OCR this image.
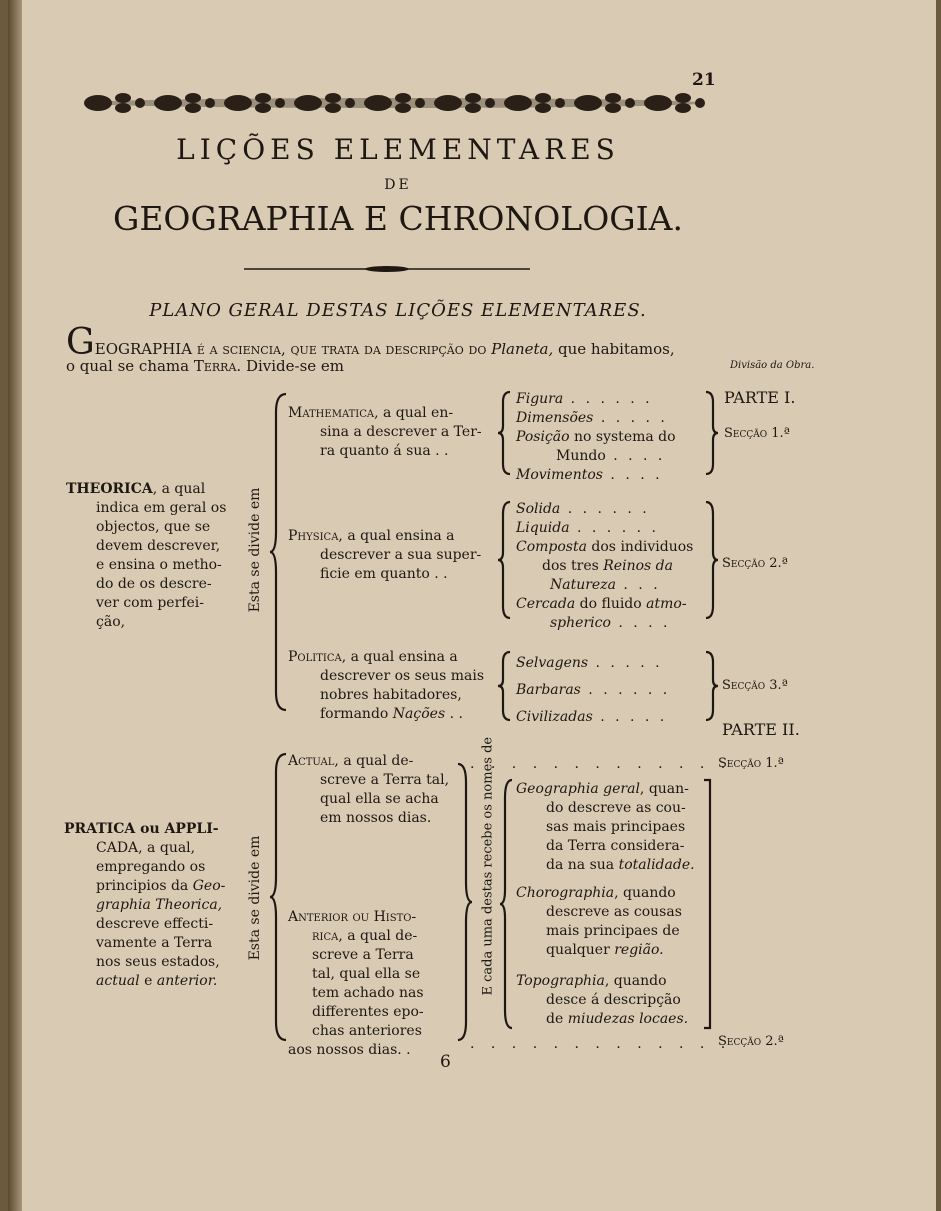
21
LIÇÕES ELEMENTARES
DE
GEOGRAPHIA E CHRONOLOGIA.
PLANO GERAL DESTAS LIÇÕES ELEMENTARES.
GEOGRAPHIA é a sciencia, que trata da descripção do Planeta, que habitamos,
o qual se chama Terra. Divide-se em	Divisão da Obra.
THEORICA, a qual
indica em geral os
objectos, que se
devem descrever,
e ensina o metho-
do de os descre-
ver com perfei-
ção,
Esta se divide em
Mathematica, a qual en-
sina a descrever a Ter-
ra quanto á sua . .
Figura . . . . . .
Dimensões . . . . .
Posição no systema do
Mundo . . . .
Movimentos . . . .
Physica, a qual ensina a
descrever a sua super-
ficie em quanto . .
Solida . . . . . .
Liquida . . . . . .
Composta dos individuos
dos tres Reinos da
Natureza . . .
Cercada do fluido atmo-
spherico . . . .
Politica, a qual ensina a
descrever os seus mais
nobres habitadores,
formando Nações . .
Selvagens . . . . .
Barbaras . . . . . .
Civilizadas . . . . .
PRATICA ou APPLI-
CADA, a qual,
empregando os
principios da Geo-
graphia Theorica,
descreve effecti-
vamente a Terra
nos seus estados,
actual e anterior.
Esta se divide em
Actual, a qual de-
screve a Terra tal,
qual ella se acha
em nossos dias.
Anterior ou Histo-
rica, a qual de-
screve a Terra
tal, qual ella se
tem achado nas
differentes epo-
chas anteriores
aos nossos dias. .
E cada uma destas recebe os nomes de Geographia geral, quan-
do descreve as cou-
sas mais principaes
da Terra considera-
da na sua totalidade.
Chorographia, quando
descreve as cousas
mais principaes de
qualquer região.
Topographia, quando
desce á descripção
de miudezas locaes.
. . . . . . . . . . . . .
. . . . . . . . . . . . .
PARTE I.
Secção 1.ª
Secção 2.ª
Secção 3.ª
PARTE II.
Secção 1.ª
Secção 2.ª
6
